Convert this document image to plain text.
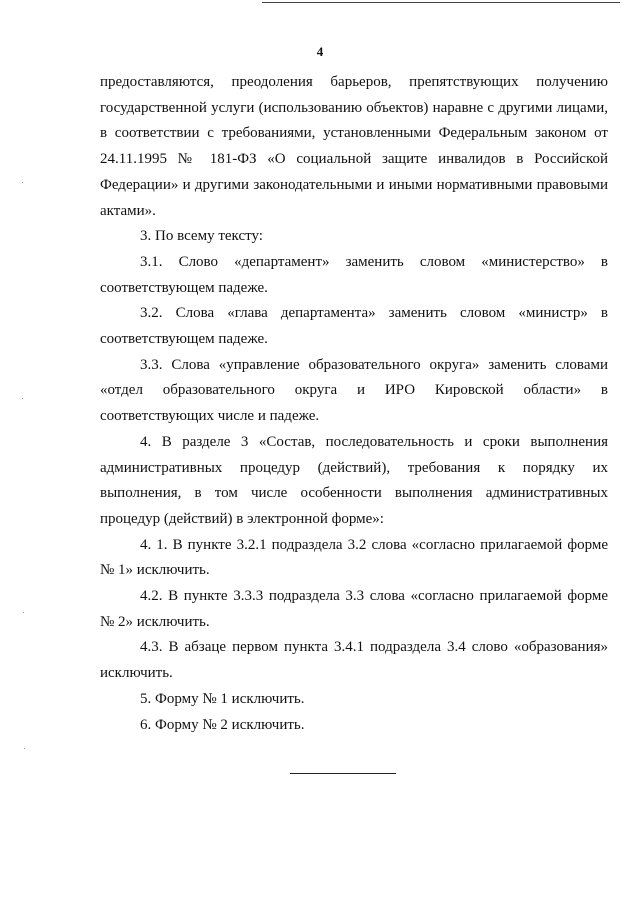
4

предоставляются, преодоления барьеров, препятствующих получению государственной услуги (использованию объектов) наравне с другими лицами, в соответствии с требованиями, установленными Федеральным законом от 24.11.1995 № 181-ФЗ «О социальной защите инвалидов в Российской Федерации» и другими законодательными и иными нормативными правовыми актами».

3. По всему тексту:

3.1. Слово «департамент» заменить словом «министерство» в соответствующем падеже.

3.2. Слова «глава департамента» заменить словом «министр» в соответствующем падеже.

3.3. Слова «управление образовательного округа» заменить словами «отдел образовательного округа и ИРО Кировской области» в соответствующих числе и падеже.

4. В разделе 3 «Состав, последовательность и сроки выполнения административных процедур (действий), требования к порядку их выполнения, в том числе особенности выполнения административных процедур (действий) в электронной форме»:

4. 1. В пункте 3.2.1 подраздела 3.2 слова «согласно прилагаемой форме № 1» исключить.

4.2. В пункте 3.3.3 подраздела 3.3 слова «согласно прилагаемой форме № 2» исключить.

4.3. В абзаце первом пункта 3.4.1 подраздела 3.4 слово «образования» исключить.

5. Форму № 1 исключить.

6. Форму № 2 исключить.
